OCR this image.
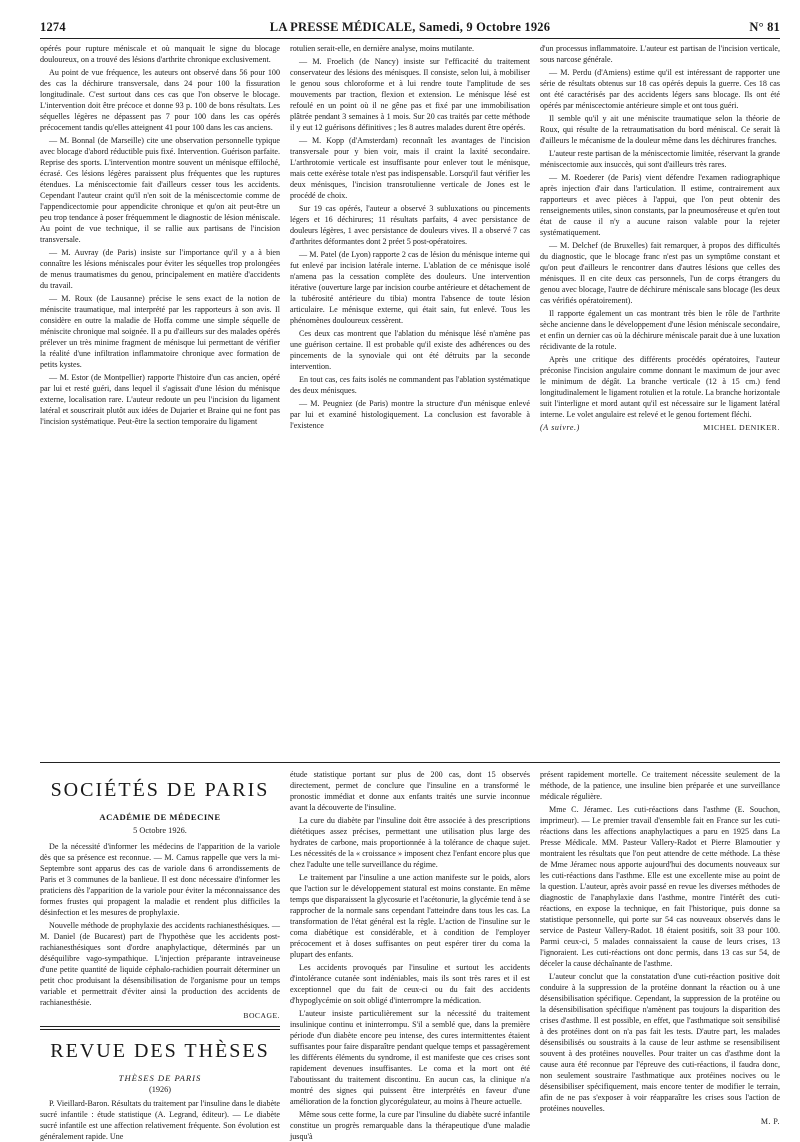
1274	LA PRESSE MÉDICALE, Samedi, 9 Octobre 1926	N° 81

opérés pour rupture méniscale et où manquait le signe du blocage douloureux, on a trouvé des lésions d'arthrite chronique exclusivement.

Au point de vue fréquence, les auteurs ont observé dans 56 pour 100 des cas la déchirure transversale, dans 24 pour 100 la fissuration longitudinale. C'est surtout dans ces cas que l'on observe le blocage. L'intervention doit être précoce et donne 93 p. 100 de bons résultats. Les séquelles légères ne dépassent pas 7 pour 100 dans les cas opérés précocement tandis qu'elles atteignent 41 pour 100 dans les cas anciens.

— M. Bonnal (de Marseille) cite une observation personnelle typique avec blocage d'abord réductible puis fixé. Intervention. Guérison parfaite. Reprise des sports. L'intervention montre souvent un ménisque effiloché, écrasé. Ces lésions légères paraissent plus fréquentes que les ruptures étendues. La méniscectomie fait d'ailleurs cesser tous les accidents. Cependant l'auteur craint qu'il n'en soit de la méniscectomie comme de l'appendicectomie pour appendicite chronique et qu'on ait peut-être un peu trop tendance à poser fréquemment le diagnostic de lésion méniscale. Au point de vue technique, il se rallie aux partisans de l'incision transversale.

— M. Auvray (de Paris) insiste sur l'importance qu'il y a à bien connaître les lésions méniscales pour éviter les séquelles trop prolongées de menus traumatismes du genou, principalement en matière d'accidents du travail.

— M. Roux (de Lausanne) précise le sens exact de la notion de méniscite traumatique, mal interprété par les rapporteurs à son avis. Il considère en outre la maladie de Hoffa comme une simple séquelle de méniscite chronique mal soignée. Il a pu d'ailleurs sur des malades opérés prélever un très minime fragment de ménisque lui permettant de vérifier la réalité d'une infiltration inflammatoire chronique avec formation de petits kystes.

— M. Estor (de Montpellier) rapporte l'histoire d'un cas ancien, opéré par lui et resté guéri, dans lequel il s'agissait d'une lésion du ménisque externe, localisation rare. L'auteur redoute un peu l'incision du ligament latéral et souscrirait plutôt aux idées de Dujarier et Braine qui ne font pas l'incision systématique. Peut-être la section temporaire du ligament

rotulien serait-elle, en dernière analyse, moins mutilante.

— M. Froelich (de Nancy) insiste sur l'efficacité du traitement conservateur des lésions des ménisques. Il consiste, selon lui, à mobiliser le genou sous chloroforme et à lui rendre toute l'amplitude de ses mouvements par traction, flexion et extension. Le ménisque lésé est refoulé en un point où il ne gêne pas et fixé par une immobilisation plâtrée pendant 3 semaines à 1 mois. Sur 20 cas traités par cette méthode il y eut 12 guérisons définitives ; les 8 autres malades durent être opérés.

— M. Kopp (d'Amsterdam) reconnaît les avantages de l'incision transversale pour y bien voir, mais il craint la laxité secondaire. L'arthrotomie verticale est insuffisante pour enlever tout le ménisque, mais cette exérèse totale n'est pas indispensable. Lorsqu'il faut vérifier les deux ménisques, l'incision transrotulienne verticale de Jones est le procédé de choix.

Sur 19 cas opérés, l'auteur a observé 3 subluxations ou pincements légers et 16 déchirures; 11 résultats parfaits, 4 avec persistance de douleurs légères, 1 avec persistance de douleurs vives. Il a observé 7 cas d'arthrites déformantes dont 2 préet 5 post-opératoires.

— M. Patel (de Lyon) rapporte 2 cas de lésion du ménisque interne qui fut enlevé par incision latérale interne. L'ablation de ce ménisque isolé n'amena pas la cessation complète des douleurs. Une intervention itérative (ouverture large par incision courbe antérieure et détachement de la tubérosité antérieure du tibia) montra l'absence de toute lésion articulaire. Le ménisque externe, qui était sain, fut enlevé. Tous les phénomènes douloureux cessèrent.

Ces deux cas montrent que l'ablation du ménisque lésé n'amène pas une guérison certaine. Il est probable qu'il existe des adhérences ou des pincements de la synoviale qui ont été détruits par la seconde intervention.

En tout cas, ces faits isolés ne commandent pas l'ablation systématique des deux ménisques.

— M. Peugniez (de Paris) montre la structure d'un ménisque enlevé par lui et examiné histologiquement. La conclusion est favorable à l'existence

d'un processus inflammatoire. L'auteur est partisan de l'incision verticale, sous narcose générale.

— M. Perdu (d'Amiens) estime qu'il est intéressant de rapporter une série de résultats obtenus sur 18 cas opérés depuis la guerre. Ces 18 cas ont été caractérisés par des accidents légers sans blocage. Ils ont été opérés par méniscectomie antérieure simple et ont tous guéri.

Il semble qu'il y ait une méniscite traumatique selon la théorie de Roux, qui résulte de la retraumatisation du bord méniscal. Ce serait là d'ailleurs le mécanisme de la douleur même dans les déchirures franches.

L'auteur reste partisan de la méniscectomie limitée, réservant la grande méniscectomie aux insuccès, qui sont d'ailleurs très rares.

— M. Roederer (de Paris) vient défendre l'examen radiographique après injection d'air dans l'articulation. Il estime, contrairement aux rapporteurs et avec pièces à l'appui, que l'on peut obtenir des renseignements utiles, sinon constants, par la pneumoséreuse et qu'en tout état de cause il n'y a aucune raison valable pour la rejeter systématiquement.

— M. Delchef (de Bruxelles) fait remarquer, à propos des difficultés du diagnostic, que le blocage franc n'est pas un symptôme constant et qu'on peut d'ailleurs le rencontrer dans d'autres lésions que celles des ménisques. Il en cite deux cas personnels, l'un de corps étrangers du genou avec blocage, l'autre de déchirure méniscale sans blocage (les deux cas vérifiés opératoirement).

Il rapporte également un cas montrant très bien le rôle de l'arthrite sèche ancienne dans le développement d'une lésion méniscale secondaire, et enfin un dernier cas où la déchirure méniscale parait due à une luxation récidivante de la rotule.

Après une critique des différents procédés opératoires, l'auteur préconise l'incision angulaire comme donnant le maximum de jour avec le minimum de dégât. La branche verticale (12 à 15 cm.) fend longitudinalement le ligament rotulien et la rotule. La branche horizontale suit l'interligne et mord autant qu'il est nécessaire sur le ligament latéral interne. Le volet angulaire est relevé et le genou fortement fléchi.

(A suivre.)	MICHEL DENIKER.
SOCIÉTÉS DE PARIS
ACADÉMIE DE MÉDECINE
5 Octobre 1926.

De la nécessité d'informer les médecins de l'apparition de la variole dès que sa présence est reconnue. — M. Camus rappelle que vers la mi-Septembre sont apparus des cas de variole dans 6 arrondissements de Paris et 3 communes de la banlieue. Il est donc nécessaire d'informer les praticiens dès l'apparition de la variole pour éviter la méconnaissance des formes frustes qui propagent la maladie et rendent plus difficiles la désinfection et les mesures de prophylaxie.

Nouvelle méthode de prophylaxie des accidents rachianesthésiques. — M. Daniel (de Bucarest) part de l'hypothèse que les accidents post-rachianesthésiques sont d'ordre anaphylactique, déterminés par un déséquilibre vago-sympathique. L'injection préparante intraveineuse d'une petite quantité de liquide céphalo-rachidien pourrait déterminer un petit choc produisant la désensibilisation de l'organisme pour un temps variable et permettrait d'éviter ainsi la production des accidents de rachianesthésie.

BOCAGE.
REVUE DES THÈSES
THÈSES DE PARIS
(1926)

P. Vieillard-Baron. Résultats du traitement par l'insuline dans le diabète sucré infantile : étude statistique (A. Legrand, éditeur). — Le diabète sucré infantile est une affection relativement fréquente. Son évolution est généralement rapide. Une

étude statistique portant sur plus de 200 cas, dont 15 observés directement, permet de conclure que l'insuline en a transformé le pronostic immédiat et donne aux enfants traités une survie inconnue avant la découverte de l'insuline.

La cure du diabète par l'insuline doit être associée à des prescriptions diététiques assez précises, permettant une utilisation plus large des hydrates de carbone, mais proportionnée à la tolérance de chaque sujet. Les nécessités de la « croissance » imposent chez l'enfant encore plus que chez l'adulte une telle surveillance du régime.

Le traitement par l'insuline a une action manifeste sur le poids, alors que l'action sur le développement statural est moins constante. En même temps que disparaissent la glycosurie et l'acétonurie, la glycémie tend à se rapprocher de la normale sans cependant l'atteindre dans tous les cas. La transformation de l'état général est la règle. L'action de l'insuline sur le coma diabétique est considérable, et à condition de l'employer précocement et à doses suffisantes on peut espérer tirer du coma la plupart des enfants.

Les accidents provoqués par l'insuline et surtout les accidents d'intolérance cutanée sont indéniables, mais ils sont très rares et il est exceptionnel que du fait de ceux-ci ou du fait des accidents d'hypoglycémie on soit obligé d'interrompre la médication.

L'auteur insiste particulièrement sur la nécessité du traitement insulinique continu et ininterrompu. S'il a semblé que, dans la première période d'un diabète encore peu intense, des cures intermittentes étaient suffisantes pour faire disparaître pendant quelque temps et passagèrement les différents éléments du syndrome, il est manifeste que ces crises sont rapidement devenues insuffisantes. Le coma et la mort ont été l'aboutissant du traitement discontinu. En aucun cas, la clinique n'a montré des signes qui puissent être interprétés en faveur d'une amélioration de la fonction glycorégulateur, au moins à l'heure actuelle.

Même sous cette forme, la cure par l'insuline du diabète sucré infantile constitue un progrès remarquable dans la thérapeutique d'une maladie jusqu'à

présent rapidement mortelle. Ce traitement nécessite seulement de la méthode, de la patience, une insuline bien préparée et une surveillance médicale régulière.

Mme C. Jéramec. Les cuti-réactions dans l'asthme (E. Souchon, imprimeur). — Le premier travail d'ensemble fait en France sur les cuti-réactions dans les affections anaphylactiques a paru en 1925 dans La Presse Médicale. MM. Pasteur Vallery-Radot et Pierre Blamoutier y montraient les résultats que l'on peut attendre de cette méthode. La thèse de Mme Jéramec nous apporte aujourd'hui des documents nouveaux sur les cuti-réactions dans l'asthme. Elle est une excellente mise au point de la question. L'auteur, après avoir passé en revue les diverses méthodes de diagnostic de l'anaphylaxie dans l'asthme, montre l'intérêt des cuti-réactions, en expose la technique, en fait l'historique, puis donne sa statistique personnelle, qui porte sur 54 cas nouveaux observés dans le service de Pasteur Vallery-Radot. 18 étaient positifs, soit 33 pour 100. Parmi ceux-ci, 5 malades connaissaient la cause de leurs crises, 13 l'ignoraient. Les cuti-réactions ont donc permis, dans 13 cas sur 54, de déceler la cause déchaînante de l'asthme.

L'auteur conclut que la constatation d'une cuti-réaction positive doit conduire à la suppression de la protéine donnant la réaction ou à une désensibilisation spécifique. Cependant, la suppression de la protéine ou la désensibilisation spécifique n'amènent pas toujours la disparition des crises d'asthme. Il est possible, en effet, que l'asthmatique soit sensibilisé à des protéines dont on n'a pas fait les tests. D'autre part, les malades désensibilisés ou soustraits à la cause de leur asthme se resensibilisent souvent à des protéines nouvelles. Pour traiter un cas d'asthme dont la cause aura été reconnue par l'épreuve des cuti-réactions, il faudra donc, non seulement soustraire l'asthmatique aux protéines nocives ou le désensibiliser spécifiquement, mais encore tenter de modifier le terrain, afin de ne pas s'exposer à voir réapparaître les crises sous l'action de protéines nouvelles.

M. P.
